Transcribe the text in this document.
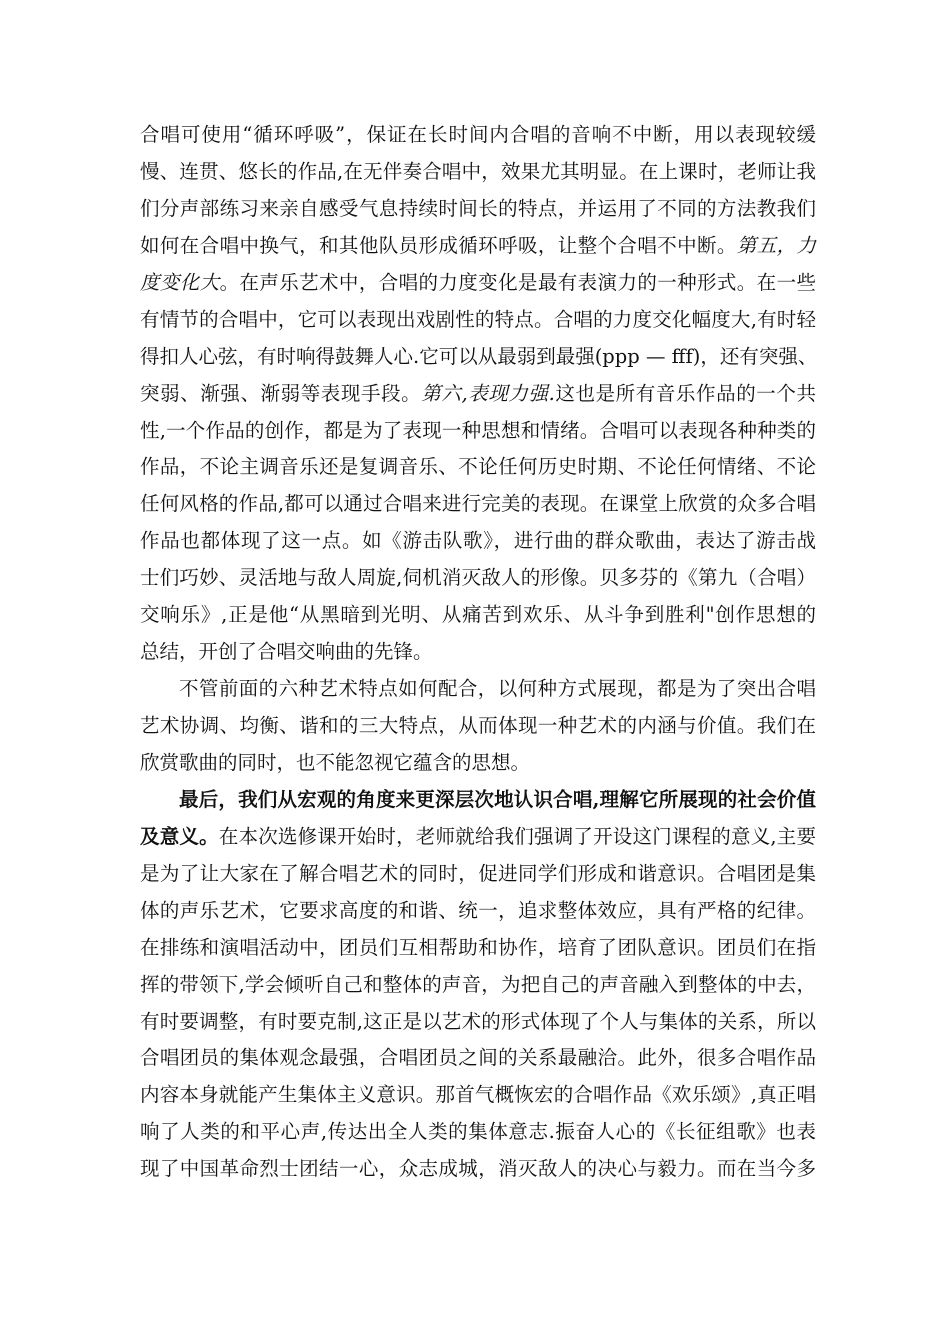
合唱可使用“循环呼吸”，保证在长时间内合唱的音响不中断，用以表现较缓
慢、连贯、悠长的作品,在无伴奏合唱中，效果尤其明显。在上课时，老师让我
们分声部练习来亲自感受气息持续时间长的特点，并运用了不同的方法教我们
如何在合唱中换气，和其他队员形成循环呼吸，让整个合唱不中断。第五，力
度变化大。在声乐艺术中，合唱的力度变化是最有表演力的一种形式。在一些
有情节的合唱中，它可以表现出戏剧性的特点。合唱的力度交化幅度大,有时轻
得扣人心弦，有时响得鼓舞人心.它可以从最弱到最强(ppp — fff)，还有突强、
突弱、渐强、渐弱等表现手段。第六,表现力强.这也是所有音乐作品的一个共
性,一个作品的创作，都是为了表现一种思想和情绪。合唱可以表现各种种类的
作品，不论主调音乐还是复调音乐、不论任何历史时期、不论任何情绪、不论
任何风格的作品,都可以通过合唱来进行完美的表现。在课堂上欣赏的众多合唱
作品也都体现了这一点。如《游击队歌》，进行曲的群众歌曲，表达了游击战
士们巧妙、灵活地与敌人周旋,伺机消灭敌人的形像。贝多芬的《第九（合唱）
交响乐》,正是他“从黑暗到光明、从痛苦到欢乐、从斗争到胜利"创作思想的
总结，开创了合唱交响曲的先锋。
不管前面的六种艺术特点如何配合，以何种方式展现，都是为了突出合唱
艺术协调、均衡、谐和的三大特点，从而体现一种艺术的内涵与价值。我们在
欣赏歌曲的同时，也不能忽视它蕴含的思想。
最后，我们从宏观的角度来更深层次地认识合唱,理解它所展现的社会价值
及意义。在本次选修课开始时，老师就给我们强调了开设这门课程的意义,主要
是为了让大家在了解合唱艺术的同时，促进同学们形成和谐意识。合唱团是集
体的声乐艺术，它要求高度的和谐、统一，追求整体效应，具有严格的纪律。
在排练和演唱活动中，团员们互相帮助和协作，培育了团队意识。团员们在指
挥的带领下,学会倾听自己和整体的声音，为把自己的声音融入到整体的中去，
有时要调整，有时要克制,这正是以艺术的形式体现了个人与集体的关系，所以
合唱团员的集体观念最强，合唱团员之间的关系最融洽。此外，很多合唱作品
内容本身就能产生集体主义意识。那首气概恢宏的合唱作品《欢乐颂》,真正唱
响了人类的和平心声,传达出全人类的集体意志.振奋人心的《长征组歌》也表
现了中国革命烈士团结一心，众志成城，消灭敌人的决心与毅力。而在当今多
